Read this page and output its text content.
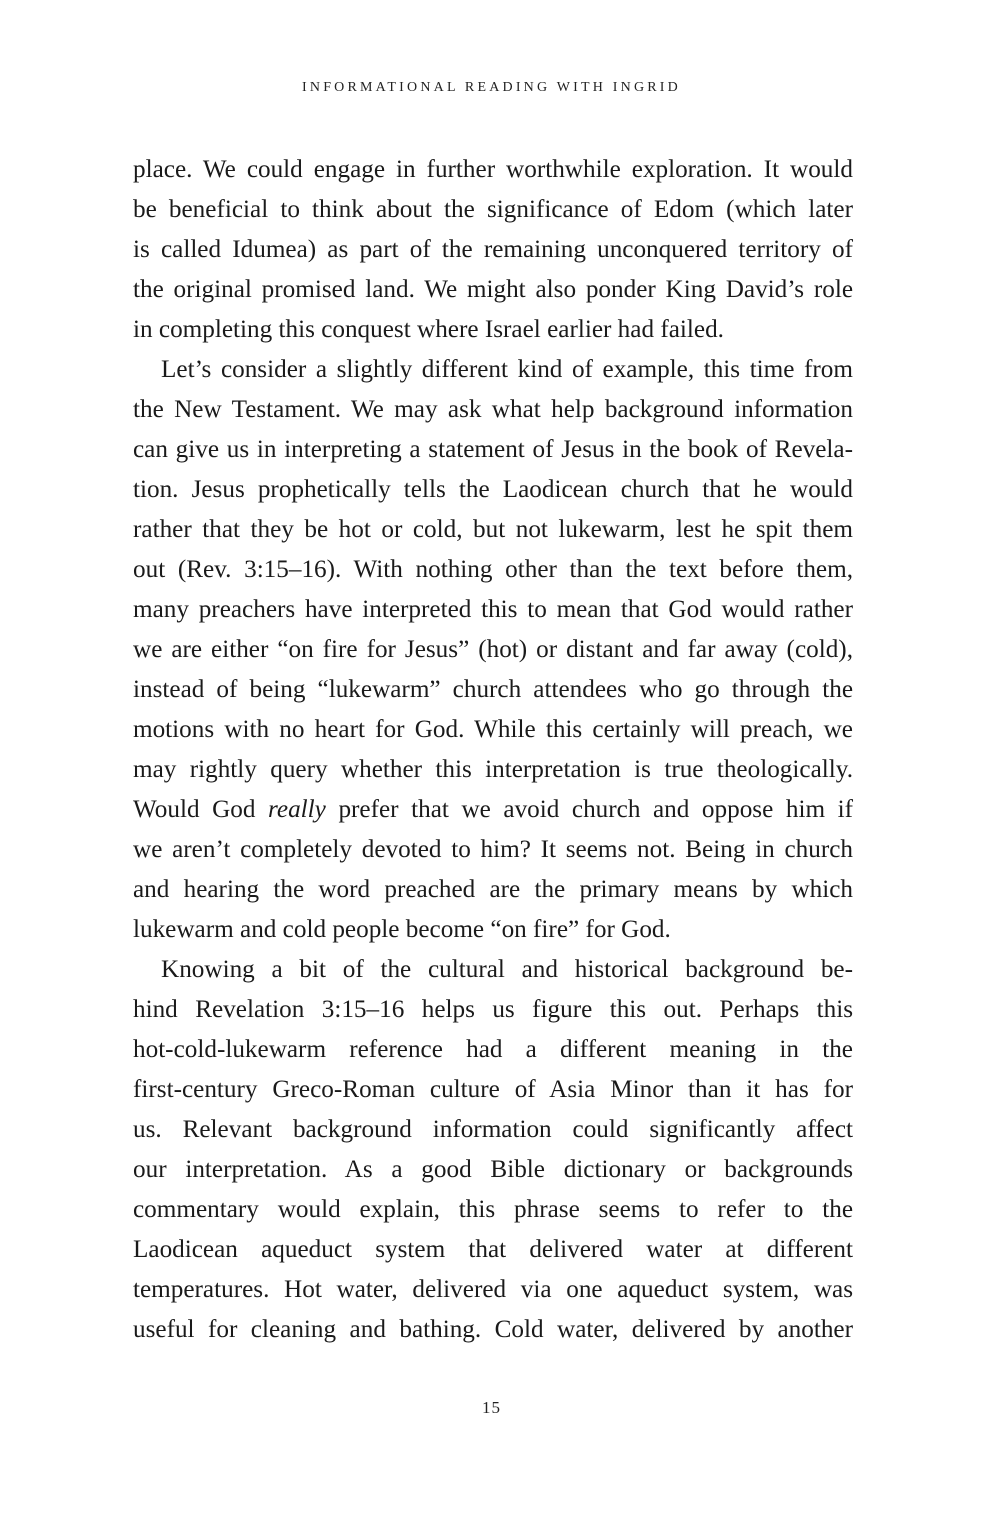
INFORMATIONAL READING WITH INGRID
place. We could engage in further worthwhile exploration. It would
be beneficial to think about the significance of Edom (which later
is called Idumea) as part of the remaining unconquered territory of
the original promised land. We might also ponder King David’s role
in completing this conquest where Israel earlier had failed.
Let’s consider a slightly different kind of example, this time from
the New Testament. We may ask what help background information
can give us in interpreting a statement of Jesus in the book of Revela-
tion. Jesus prophetically tells the Laodicean church that he would
rather that they be hot or cold, but not lukewarm, lest he spit them
out (Rev. 3:15–16). With nothing other than the text before them,
many preachers have interpreted this to mean that God would rather
we are either “on fire for Jesus” (hot) or distant and far away (cold),
instead of being “lukewarm” church attendees who go through the
motions with no heart for God. While this certainly will preach, we
may rightly query whether this interpretation is true theologically.
Would God really prefer that we avoid church and oppose him if
we aren’t completely devoted to him? It seems not. Being in church
and hearing the word preached are the primary means by which
lukewarm and cold people become “on fire” for God.
Knowing a bit of the cultural and historical background be-
hind Revelation 3:15–16 helps us figure this out. Perhaps this
hot-cold-lukewarm reference had a different meaning in the
first-century Greco-Roman culture of Asia Minor than it has for
us. Relevant background information could significantly affect
our interpretation. As a good Bible dictionary or backgrounds
commentary would explain, this phrase seems to refer to the
Laodicean aqueduct system that delivered water at different
temperatures. Hot water, delivered via one aqueduct system, was
useful for cleaning and bathing. Cold water, delivered by another
15
